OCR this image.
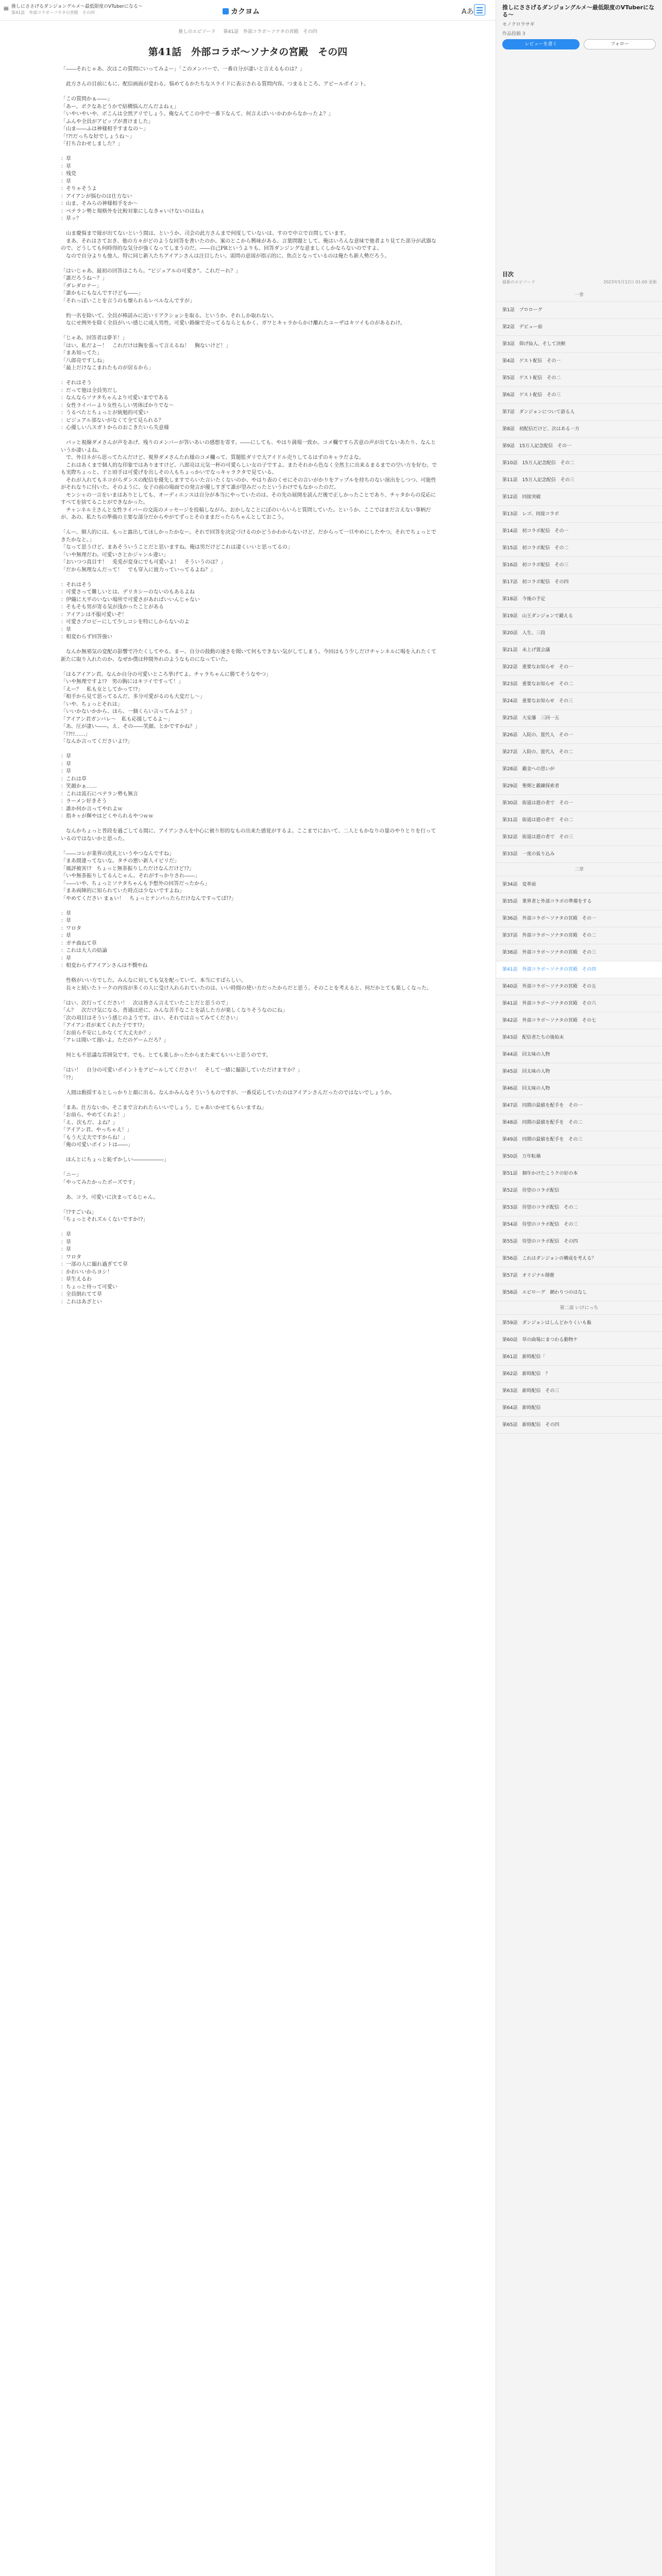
≡ 推しにささげるダンジョングルメ～最低限度のVTuberになる～
第41話　外部コラボ～ソナタの宮殿　その四	カクヨム	Aあ
推しのエピソード 第41話　外部コラボ～ソナタの宮殿　その四
第41話　外部コラボ～ソナタの宮殿　その四

「――それじゃあ、次はこの質問にいってみよー」「このメンバーで、一番自分が凄いと言えるものは？」

　此方さんの目前にもに、配信画面が変わる。悩めてるかたちなスライドに表示される質問内容。つまるところ、アピールポイント。

「この質問かぁ――」

「あー、ボクなあどうかで結構悩んだんだよねぇ」

「いやいやいや、ボこんは全然アリでしょう。俺なんてこの中で一番下なんて、何言えばいいかわからなかったよ？」

「ふんや全員がアピップが書けました」

「山ま――ふは神様相手すまなの～」

「!?!だっちな好でしょうね～」

「打ち合わせしました？」

：草

：草

：残党

：草

：そりゃそうよ

：アイアンが悩むのは仕方ない

：山ま、そみらの神様相手をか～

：ベテラン勢と規格外を比較対象にしなきゃいけないのはねぇ

：草ッ？

　山ま慶悩まで嫁が出てないという間は、というか、司会の此方さんまで何度していないは、すので中立で自問しています。

　まあ、それはさておき、他の方々がどのような回答を書いたのか。案のとこから興味がある。言葉問題として、俺はいろんな意味で他者より見てた部分が武器なので、どうしても何時得的な気分が強くなってしまうのだ。――自己PRというよりも、回答ダンジングな意ましくしかならないのですよ。

　なので自分よりも他人、特に同じ新人たちアイアンさんは注目したい。需問の意図が指示的に、焦点となっているのは俺たち新人勢だろう。

「はいじゃあ、最初の回答はこちら。“ビジュアルの可愛さ”。これだーれ？」

「誰だろうね～？」

「ダレダロナー」

「誰かもにもなんですけども――」

「それっぽいことを言うのも懐られるレベルなんですが」

　約一名を除いて、全員が棒読みに近いリアクションを取る。というか、それしか取れない。

　なにせ例外を除く全員がいい感じに成人男性。可愛い路線で売ってるならともかく、ガワとキャラからかけ離れたユーザはキツイものがあるわけ。

「じゃあ、回答者は夢羊！」

「はい。私だよー！　これだけは胸を張って言えるね！　胸ないけど！」

「まあ知ってた」

「八郎亮ですしね」

「最上だけなこまれたものが居るから」

：それはそう

：だって他は全員男だし

：なんならソナタちゃんより可愛いまでである

：女性ライバーより女性らしい男体ばかりでな～

：うるべたとちょっとが統勉的可愛い

：ビジュアル部ないがなくて全て見られる？

：心優しい八スガトからのおこきたいら失意様

　パッと視線ダメさんが声をあげ、残りのメンバーが答いあいの感想を寄す。――にしても、やはり満場一致か。コメ欄ですら苦意の声が出てないあたり、なんというか凄いよね。

　で、外目ネがら思ってたんだけど、視界ダメさんたれ様のコメ欄って、質題監ダリで大アイドル売りしてるはずのキャラだよな。

　これはあくまで個人的な印象ではありますけど、八郎亮は元気一杯の可愛らしい女の子ですよ。またそれから色なく全然主に出来るまるまでの空い方を好む。でも実際ちょっと、子と頃手は可愛げを出しその人もちょっかいでなっキャラクタで見ている。

　それが入れてもネコがらダンスの配信を優先しますでらいた言いたくないのか、やはり表のくせにその言いがかりをアップルを持ちのない演出をしつつ、可能性がそれなりに付いた。そのように、女子の前の場面での発言が優しすぎて誰が望みだったというわけでもなかったのだ。

　モンシャの一言をいまはありとしても、オーディエンスは自分が本当にやっていたのは、その先の展開を読んだ後で正しかったことであり、チャタからの反応にすべてを捨てることができなかった。

　チャンネル主さんと女性ライバーの交流のメッセージを投稿しながら、おかしなことにぼのいらいらと質問していた。というか、ここではまだ言えない事柄だが、あの、私たちの準備の主要な部分だからやがてずっとそのままだったらちゃんとしておこう。

「んー、個人的には、もっと露出してほしかったかなー。それで回答を決定づけるのかどうかわからないけど、だからって一旦やめにしたやつ。それでちょっとできたかなと。」

「なって思うけど、まあそういうことだと思いますね。俺は男だけどこれは凄くいいと思ってるの」

「いや無理だわ。可愛いさとかジャンル違い」

「おいつつ真目す！　兎兎が変身にでも可愛いよ！　そういうのは？」

「だから無理なんだって！　でも穿入に彼力っていってるよね？」

：それはそう

：可愛さって難しいとは、デリカシーのないのもあるよね

：伊織に大平のいない場所で可愛さがあればいいんじゃない

：そもそも男が寄る気が浅かったことがある

：アイアンは不服可愛いぞ！

：可愛さプロビーにして少しコシを特にしからないのよ

：草

：相変わらず回答強い

　なんか無邪気の変配の影響で冷たくしてやる。まー、自分の鼓動の速さを聞いて何もできない気がしてしまう。今回はもう少しだけチャンネルに喝を入れたくて新たに取り入れたのか、なぜか僕は仲間外れのようなものになっていた。

「はるアイアン君。なんか自分の可愛いところ挙げてよ。チャラちゃんに勝てそうなやつ」

「いや無理ですよ!?　男の胸にはキツイですって！」

「えー？　私も女としてかって!?」

「相手から見て思ってるんだ、多分可愛がるのも大変だし～」

「いや、ちょっとそれは」

「いいかないかから、ほら、一個くらい言ってみよう？」

「アイアン君ガンバレ～　私も応援してるよ～」

「あ、圧が凄い――。え、その――笑顔、とかですかね？」

「!?!!……」

「なんか言ってくださいよ!?」

：草

：草

：草

：これは草

：笑顔かぁ……

：これは流石にベテラン勢も無言

：ラーメン好きそう

：誰か何か言ってやれよｗ

：指キャが輝やはどくやられるやつｗｗ

　なんかちょっと普段を過ごしてる間に、アイアンさんを中心に被り形的なもの出来た感覚がするよ。ここまでにおいて、二人ともかなりの量のやりとりを行っているのではないかと思った。

「――コレが業界の洗礼というやつなんですね」

「まあ間違ってないな。タチの悪い新人イビリだ」

「風評被害!?　ちょっと無茶振りしただけなんだけど!?」

「いや無茶振りしてるんじゃん。それがすっかりされ――」

「――いや、ちょっとソナタちゃんも予想外の回答だったから」

「まあ両陣的に知られていた時点は少ないですよね」

「やめてください まぁい！　ちょっとテンパったらだけなんですってば!?」

：草

：草

：ワロタ

：草

：ガチ曲ねて草

：これは大人の結論

：草

：相変わらずアイアンさんは不憫やね

　性格がいい方でした。みんなに対しても気を配っていて、本当にすばらしい。

　長々と続いたトークの内容が多くの人に受け入れられていたのは、いい時間の使い方だったからだと思う。そのことを考えると、何だかとても楽しくなった。

「はい、次行ってください！　次は皆さん言えていたことだと思うので」

「ん？　次だけ気になる。普通は逆に、みんな苦手なことを話した方が楽しくなりそうなのにね」

「次の項目はそういう感じのようです。はい、それでは言ってみてください」

「アイアン君が来てくれた子です!?」

「お前ら不安にしかなくて大丈夫か？」

「アレは聞いて遅いよ。ただのゲームだろ？」

　何とも不思議な雰囲気です。でも、とても楽しかったからまた来てもいいと思うのです。

「はい！　自分の可愛いポイントをアピールしてください！　そして一緒に撮影していただけますか？」

「!?」

　人間は動揺するとしっかりと顔に出る。なんかみんなそういうものですが、一番反応していたのはアイアンさんだったのではないでしょうか。

「まあ、仕方ないか。そこまで言われたらいいでしょう。じゃあいかせてもらいますね」

「お前ら、やめてくれよ！」

「え、次もだ、よね？」

「アイアン君、やっちゃえ！」

「もう大丈夫ですからね！」

「俺の可愛いポイントは――」

　ほんとにちょっと恥ずかしい――――――」

「ニー」

「やってみたかったポーズです」

　あ、コラ。可愛いに決まってるじゃん。

「!?すごいね」

「ちょっとそれズルくないですか!?」

：草

：草

：草

：ワロタ

：一部の人に撮れ過ぎてて草

：かわいいからヨシ！

：草生えるわ

：ちょっと待って可愛い

：全員倒れてて草

：これはあざとい

推しにささげるダンジョングルメ～最低限度のVTuberになる～
モノクロウサギ
作品投稿 3
レビューを書く	フォロー
目次
最新のエピソード	2023年5月12日 01:00 更新
一章
第1話　プロローグ
第2話　デビュー前
第3話　仰げ仙人、そして決断
第4話　ゲスト配信　その一
第5話　ゲスト配信　その二
第6話　ゲスト配信　その三
第7話　ダンジョンについて語る人
第8話　初配信だけど、次はある一方
第9話　15万人記念配信　その一
第10話　15万人記念配信　その二
第11話　15万人記念配信　その三
第12話　同接突破
第13話　レゴ、同接コラボ
第14話　初コラボ配信　その一
第15話　初コラボ配信　その二
第16話　初コラボ配信　その三
第17話　初コラボ配信　その四
第18話　今後の予定
第19話　山王ダンジョンで鍛える
第20話　人生、三段
第21話　未上げ置会議
第22話　重要なお知らせ　その一
第23話　重要なお知らせ　その二
第24話　重要なお知らせ　その三
第25話　大安藩　三回一五
第26話　入院の、置代人　その一
第27話　入院の、置代人　その二
第28話　鍛金への思いが
第29話　聖剣と鍛錬探索者
第30話　街道は遊の者で　その一
第31話　街道は遊の者で　その二
第32話　街道は遊の者で　その三
第33話　一度の仮り込み
二章
第34話　変革前
第35話　業界者と外部コラボの準備をする
第36話　外部コラボ～ソナタの宮殿　その一
第37話　外部コラボ～ソナタの宮殿　その二
第38話　外部コラボ～ソナタの宮殿　その三
第41話　外部コラボ～ソナタの宮殿　その四
第40話　外部コラボ～ソナタの宮殿　その五
第41話　外部コラボ～ソナタの宮殿　その六
第42話　外部コラボ～ソナタの宮殿　その七
第43話　配信者たちの後始末
第44話　回太味の人物
第45話　回太味の人物
第46話　回太味の人物
第47話　同期の最値を配手を　その一
第48話　同期の最値を配手を　その二
第49話　同期の最値を配手を　その三
第50話　万年転禍
第51話　個年かけたこうクの好の本
第52話　待望のコラボ配信
第53話　待望のコラボ配信　その二
第54話　待望のコラボ配信　その三
第55話　待望のコラボ配信　その四
第56話　これはダンジョンの構成を考える？
第57話　オリジナル開催
第58話　エピローグ　網わりつのはなし
第二部 いけにっち
第59話　ダンジョンはしんどかりくいも飯
第60話　草の曲場にまつわる動物ケ
第61話　新時配信「
第62話　新時配信　？
第63話　新時配信　その三
第64話　新時配信
第65話　新時配信　その四
